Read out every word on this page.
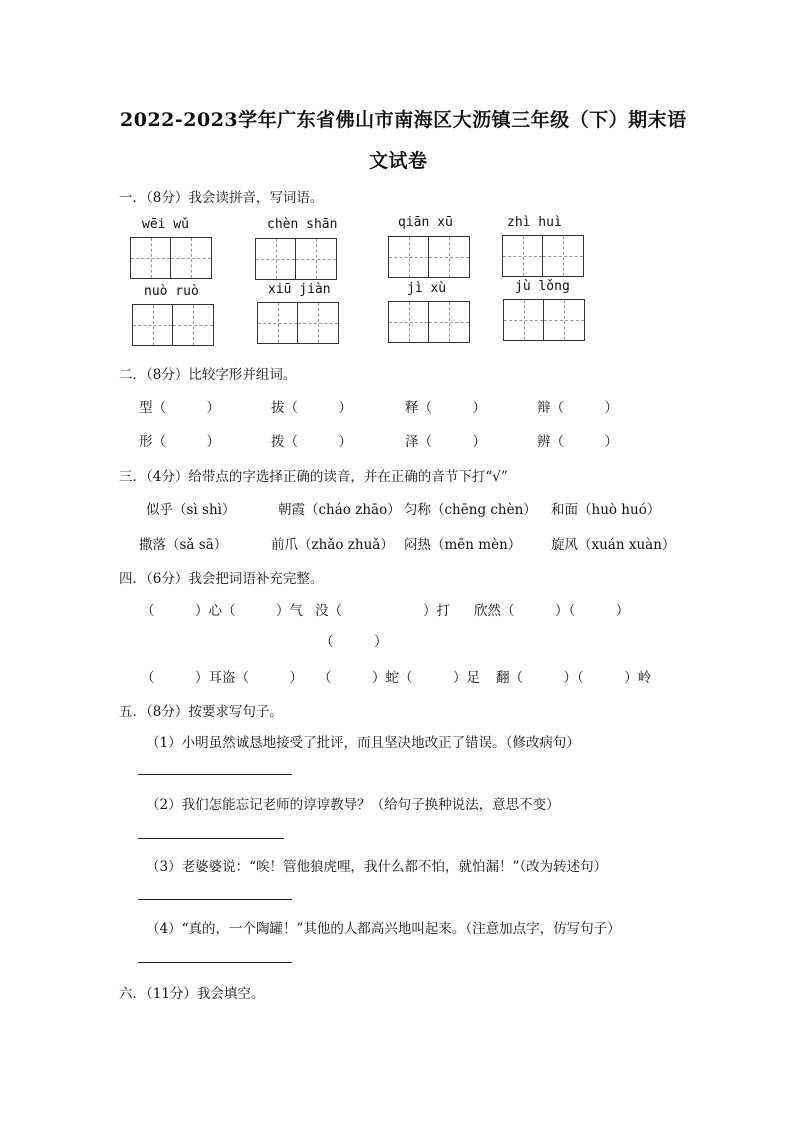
2022-2023学年广东省佛山市南海区大沥镇三年级（下）期末语
文试卷
一．（8分）我会读拼音，写词语。
wēi wǔ	chèn shān	qiān xū	zhì huì
nuò ruò	xiū jiàn	jì xù	jù lǒng
二．（8分）比较字形并组词。
型（　　　）	拔（　　　）	释（　　　）	辩（　　　）
形（　　　）	拨（　　　）	泽（　　　）	辨（　　　）
三．（4分）给带点的字选择正确的读音，并在正确的音节下打“√”
似乎（sì shì）	朝霞（cháo zhāo） 匀称（chēng chèn） 和面（huò huó）
撒落（sǎ sā）	前爪（zhǎo zhuǎ） 闷热（mēn mèn） 旋风（xuán xuàn）
四．（6分）我会把词语补充完整。
（　　　）心（　　　）气 没（　　　　　　）打 欣然（　　　）（　　　）
（　　　）
（　　　）耳盗（　　　） （　　　）蛇（　　　）足 翻（　　　）（　　　）岭
五．（8分）按要求写句子。
（1）小明虽然诚恳地接受了批评，而且坚决地改正了错误。（修改病句）
（2）我们怎能忘记老师的谆谆教导？（给句子换种说法，意思不变）
（3）老婆婆说：“唉！管他狼虎哩，我什么都不怕，就怕漏！”（改为转述句）
（4）“真的，一个陶罐！”其他的人都高兴地叫起来。（注意加点字，仿写句子）
六．（11分）我会填空。
